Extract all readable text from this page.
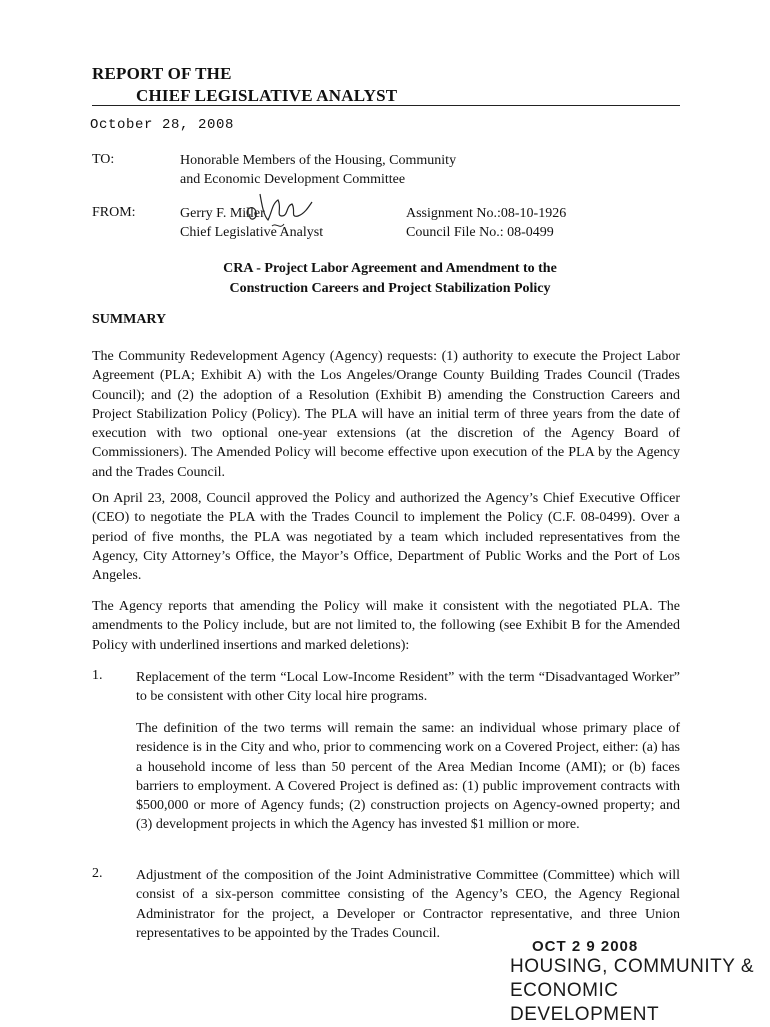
REPORT OF THE
CHIEF LEGISLATIVE ANALYST
October 28, 2008
TO:	Honorable Members of the Housing, Community
and Economic Development Committee
FROM:	Gerry F. Miller
Chief Legislative Analyst
Assignment No.:08-10-1926
Council File No.: 08-0499
CRA - Project Labor Agreement and Amendment to the
Construction Careers and Project Stabilization Policy
SUMMARY

The Community Redevelopment Agency (Agency) requests: (1) authority to execute the Project Labor Agreement (PLA; Exhibit A) with the Los Angeles/Orange County Building Trades Council (Trades Council); and (2) the adoption of a Resolution (Exhibit B) amending the Construction Careers and Project Stabilization Policy (Policy). The PLA will have an initial term of three years from the date of execution with two optional one-year extensions (at the discretion of the Agency Board of Commissioners). The Amended Policy will become effective upon execution of the PLA by the Agency and the Trades Council.

On April 23, 2008, Council approved the Policy and authorized the Agency’s Chief Executive Officer (CEO) to negotiate the PLA with the Trades Council to implement the Policy (C.F. 08-0499). Over a period of five months, the PLA was negotiated by a team which included representatives from the Agency, City Attorney’s Office, the Mayor’s Office, Department of Public Works and the Port of Los Angeles.

The Agency reports that amending the Policy will make it consistent with the negotiated PLA. The amendments to the Policy include, but are not limited to, the following (see Exhibit B for the Amended Policy with underlined insertions and marked deletions):

1. Replacement of the term “Local Low-Income Resident” with the term “Disadvantaged Worker” to be consistent with other City local hire programs.

The definition of the two terms will remain the same: an individual whose primary place of residence is in the City and who, prior to commencing work on a Covered Project, either: (a) has a household income of less than 50 percent of the Area Median Income (AMI); or (b) faces barriers to employment. A Covered Project is defined as: (1) public improvement contracts with $500,000 or more of Agency funds; (2) construction projects on Agency-owned property; and (3) development projects in which the Agency has invested $1 million or more.

2. Adjustment of the composition of the Joint Administrative Committee (Committee) which will consist of a six-person committee consisting of the Agency’s CEO, the Agency Regional Administrator for the project, a Developer or Contractor representative, and three Union representatives to be appointed by the Trades Council.

OCT 2 9 2008
HOUSING, COMMUNITY &
ECONOMIC DEVELOPMENT
